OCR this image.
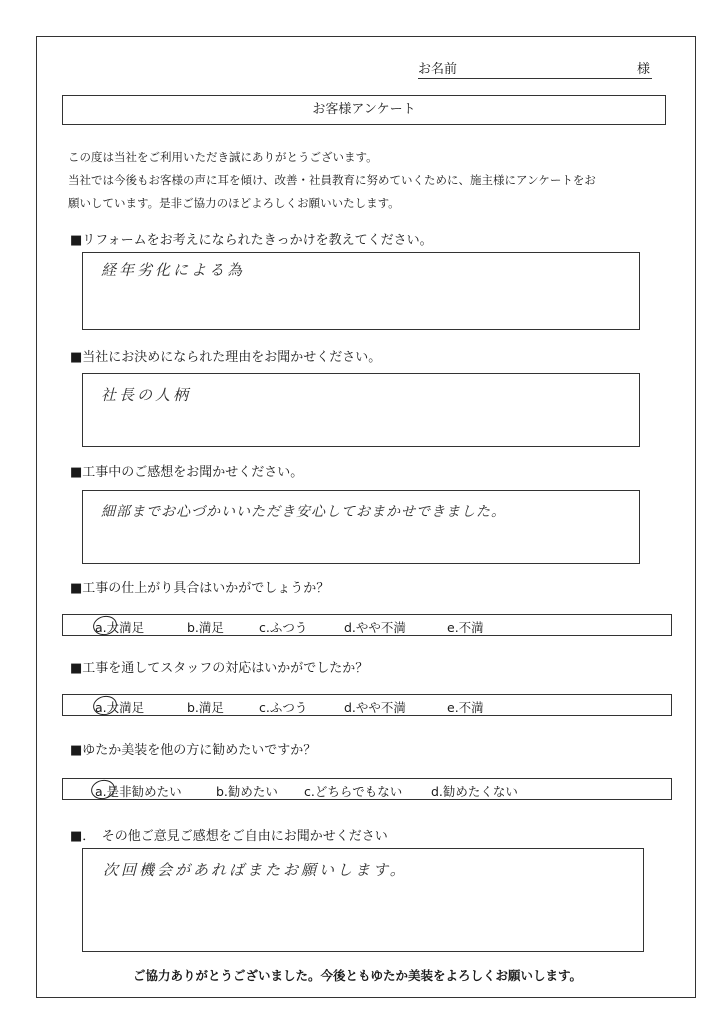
お名前	様
お客様アンケート
この度は当社をご利用いただき誠にありがとうございます。
当社では今後もお客様の声に耳を傾け、改善・社員教育に努めていくために、施主様にアンケートをお
願いしています。是非ご協力のほどよろしくお願いいたします。
■リフォームをお考えになられたきっかけを教えてください。
経年劣化による為
■当社にお決めになられた理由をお聞かせください。
社長の人柄
■工事中のご感想をお聞かせください。
細部までお心づかいいただき安心しておまかせできました。
■工事の仕上がり具合はいかがでしょうか？
a.大満足	b.満足	c.ふつう	d.やや不満	e.不満
■工事を通してスタッフの対応はいかがでしたか？
a.大満足	b.満足	c.ふつう	d.やや不満	e.不満
■ゆたか美装を他の方に勧めたいですか？
a.是非勧めたい	b.勧めたい c.どちらでもない d.勧めたくない
■．　その他ご意見ご感想をご自由にお聞かせください
次回機会があればまたお願いします。
ご協力ありがとうございました。今後ともゆたか美装をよろしくお願いします。
